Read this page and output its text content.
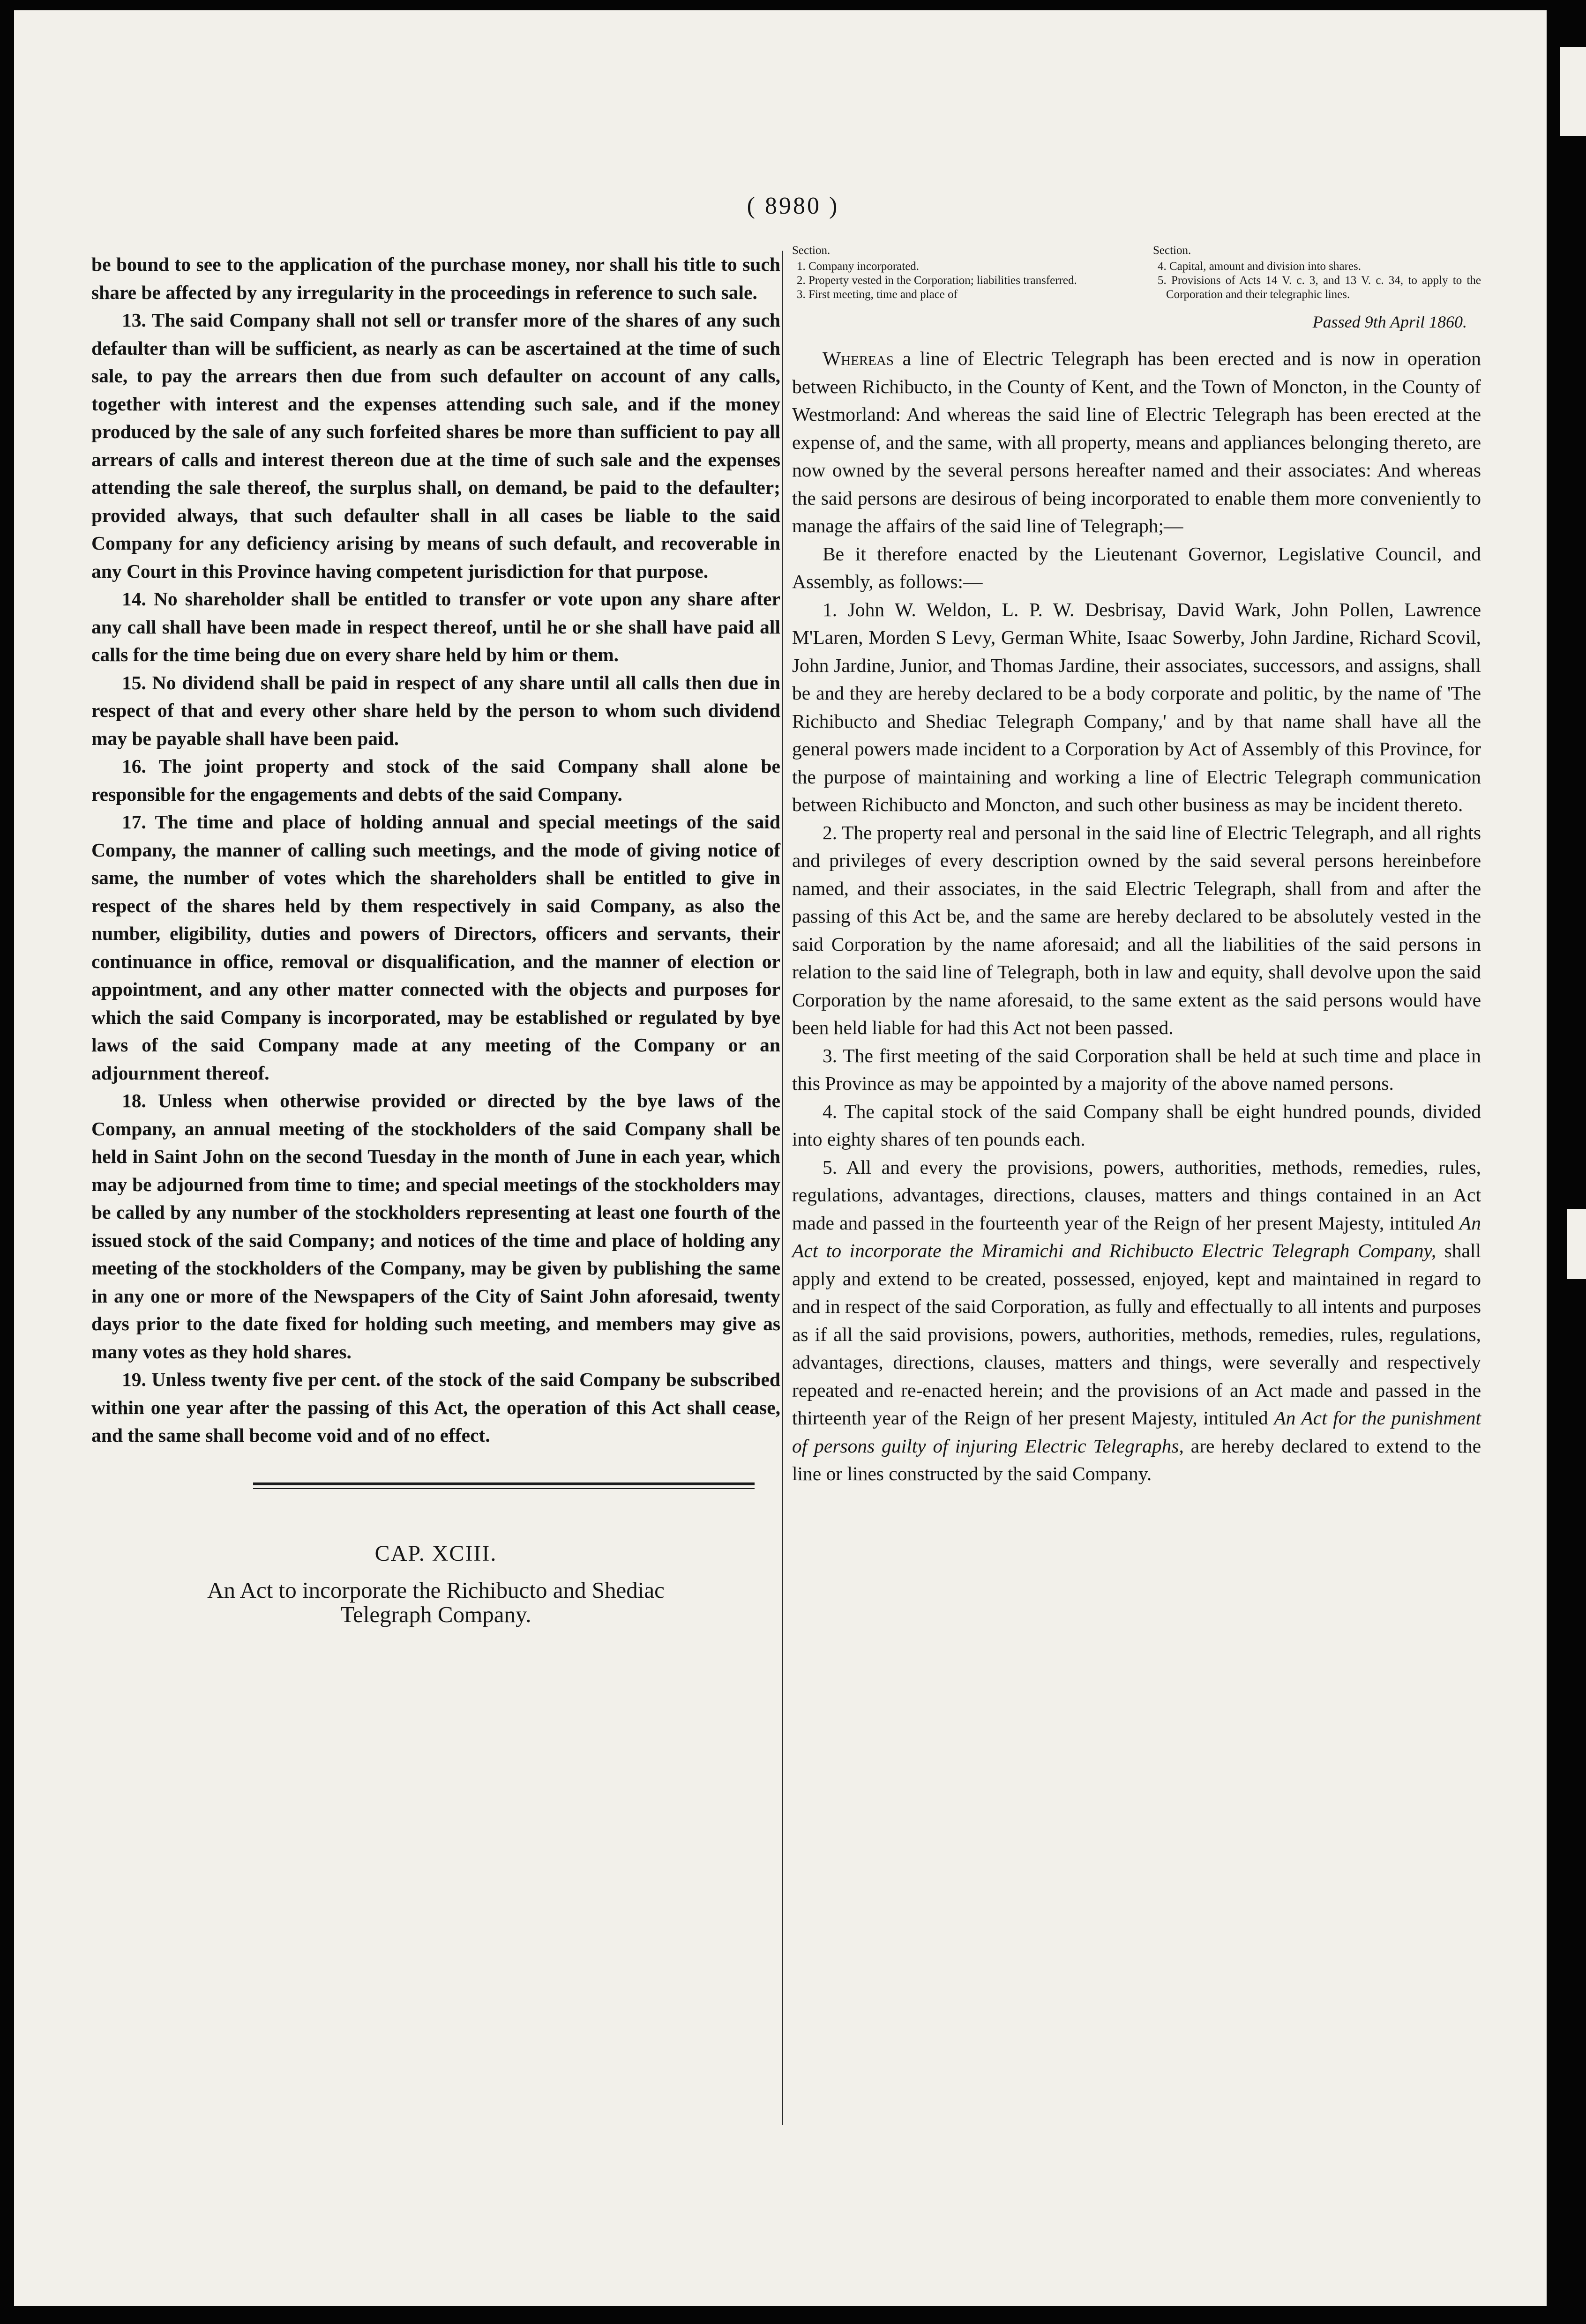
( 8980 )

be bound to see to the application of the purchase money, nor shall his title to such share be affected by any irregularity in the proceedings in reference to such sale.

13. The said Company shall not sell or transfer more of the shares of any such defaulter than will be sufficient, as nearly as can be ascertained at the time of such sale, to pay the arrears then due from such defaulter on account of any calls, together with interest and the expenses attending such sale, and if the money produced by the sale of any such forfeited shares be more than sufficient to pay all arrears of calls and interest thereon due at the time of such sale and the expenses attending the sale thereof, the surplus shall, on demand, be paid to the defaulter; provided always, that such defaulter shall in all cases be liable to the said Company for any deficiency arising by means of such default, and recoverable in any Court in this Province having competent jurisdiction for that purpose.

14. No shareholder shall be entitled to transfer or vote upon any share after any call shall have been made in respect thereof, until he or she shall have paid all calls for the time being due on every share held by him or them.

15. No dividend shall be paid in respect of any share until all calls then due in respect of that and every other share held by the person to whom such dividend may be payable shall have been paid.

16. The joint property and stock of the said Company shall alone be responsible for the engagements and debts of the said Company.

17. The time and place of holding annual and special meetings of the said Company, the manner of calling such meetings, and the mode of giving notice of same, the number of votes which the shareholders shall be entitled to give in respect of the shares held by them respectively in said Company, as also the number, eligibility, duties and powers of Directors, officers and servants, their continuance in office, removal or disqualification, and the manner of election or appointment, and any other matter connected with the objects and purposes for which the said Company is incorporated, may be established or regulated by bye laws of the said Company made at any meeting of the Company or an adjournment thereof.

18. Unless when otherwise provided or directed by the bye laws of the Company, an annual meeting of the stockholders of the said Company shall be held in Saint John on the second Tuesday in the month of June in each year, which may be adjourned from time to time; and special meetings of the stockholders may be called by any number of the stockholders representing at least one fourth of the issued stock of the said Company; and notices of the time and place of holding any meeting of the stockholders of the Company, may be given by publishing the same in any one or more of the Newspapers of the City of Saint John aforesaid, twenty days prior to the date fixed for holding such meeting, and members may give as many votes as they hold shares.

19. Unless twenty five per cent. of the stock of the said Company be subscribed within one year after the passing of this Act, the operation of this Act shall cease, and the same shall become void and of no effect.

CAP. XCIII.
An Act to incorporate the Richibucto and Shediac
Telegraph Company.
Section.
1. Company incorporated.
2. Property vested in the Corporation; liabilities transferred.
3. First meeting, time and place of
Section.
4. Capital, amount and division into shares.
5. Provisions of Acts 14 V. c. 3, and 13 V. c. 34, to apply to the Corporation and their telegraphic lines.
Passed 9th April 1860.

Whereas a line of Electric Telegraph has been erected and is now in operation between Richibucto, in the County of Kent, and the Town of Moncton, in the County of Westmorland: And whereas the said line of Electric Telegraph has been erected at the expense of, and the same, with all property, means and appliances belonging thereto, are now owned by the several persons hereafter named and their associates: And whereas the said persons are desirous of being incorporated to enable them more conveniently to manage the affairs of the said line of Telegraph;—

Be it therefore enacted by the Lieutenant Governor, Legislative Council, and Assembly, as follows:—

1. John W. Weldon, L. P. W. Desbrisay, David Wark, John Pollen, Lawrence M'Laren, Morden S Levy, German White, Isaac Sowerby, John Jardine, Richard Scovil, John Jardine, Junior, and Thomas Jardine, their associates, successors, and assigns, shall be and they are hereby declared to be a body corporate and politic, by the name of 'The Richibucto and Shediac Telegraph Company,' and by that name shall have all the general powers made incident to a Corporation by Act of Assembly of this Province, for the purpose of maintaining and working a line of Electric Telegraph communication between Richibucto and Moncton, and such other business as may be incident thereto.

2. The property real and personal in the said line of Electric Telegraph, and all rights and privileges of every description owned by the said several persons hereinbefore named, and their associates, in the said Electric Telegraph, shall from and after the passing of this Act be, and the same are hereby declared to be absolutely vested in the said Corporation by the name aforesaid; and all the liabilities of the said persons in relation to the said line of Telegraph, both in law and equity, shall devolve upon the said Corporation by the name aforesaid, to the same extent as the said persons would have been held liable for had this Act not been passed.

3. The first meeting of the said Corporation shall be held at such time and place in this Province as may be appointed by a majority of the above named persons.

4. The capital stock of the said Company shall be eight hundred pounds, divided into eighty shares of ten pounds each.

5. All and every the provisions, powers, authorities, methods, remedies, rules, regulations, advantages, directions, clauses, matters and things contained in an Act made and passed in the fourteenth year of the Reign of her present Majesty, intituled An Act to incorporate the Miramichi and Richibucto Electric Telegraph Company, shall apply and extend to be created, possessed, enjoyed, kept and maintained in regard to and in respect of the said Corporation, as fully and effectually to all intents and purposes as if all the said provisions, powers, authorities, methods, remedies, rules, regulations, advantages, directions, clauses, matters and things, were severally and respectively repeated and re-enacted herein; and the provisions of an Act made and passed in the thirteenth year of the Reign of her present Majesty, intituled An Act for the punishment of persons guilty of injuring Electric Telegraphs, are hereby declared to extend to the line or lines constructed by the said Company.
